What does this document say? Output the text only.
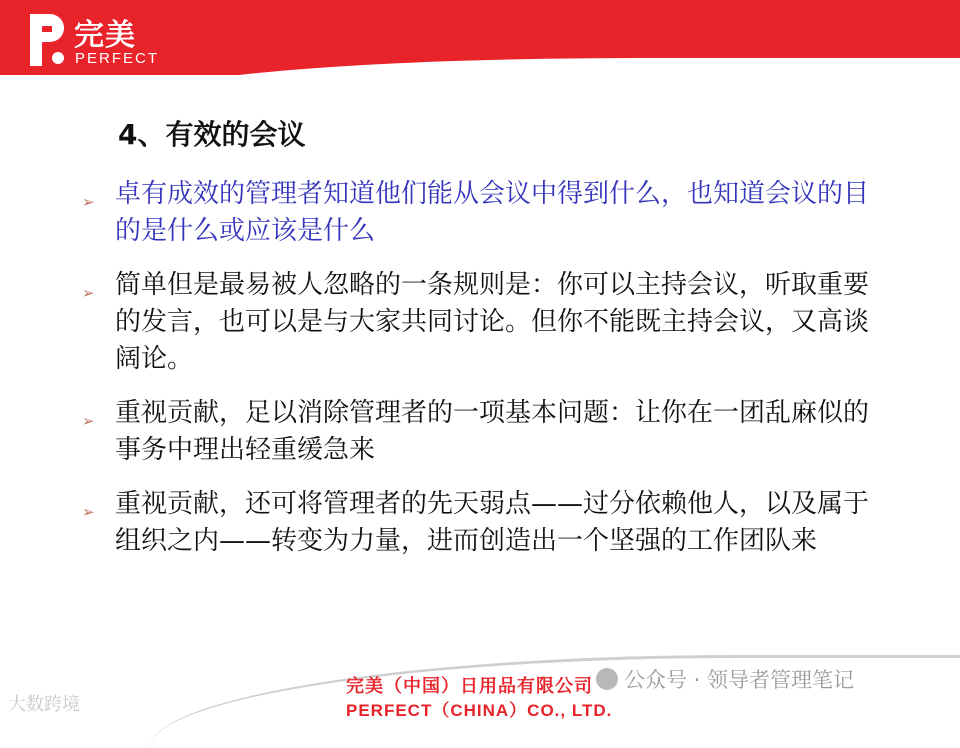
完美
PERFECT
4、有效的会议
➢ 卓有成效的管理者知道他们能从会议中得到什么，也知道会议的目的是什么或应该是什么
➢ 简单但是最易被人忽略的一条规则是：你可以主持会议，听取重要的发言，也可以是与大家共同讨论。但你不能既主持会议，又高谈阔论。
➢ 重视贡献，足以消除管理者的一项基本问题：让你在一团乱麻似的事务中理出轻重缓急来
➢ 重视贡献，还可将管理者的先天弱点——过分依赖他人，以及属于组织之内——转变为力量，进而创造出一个坚强的工作团队来
完美（中国）日用品有限公司
PERFECT（CHINA）CO., LTD.
公众号 · 领导者管理笔记
大数跨境
